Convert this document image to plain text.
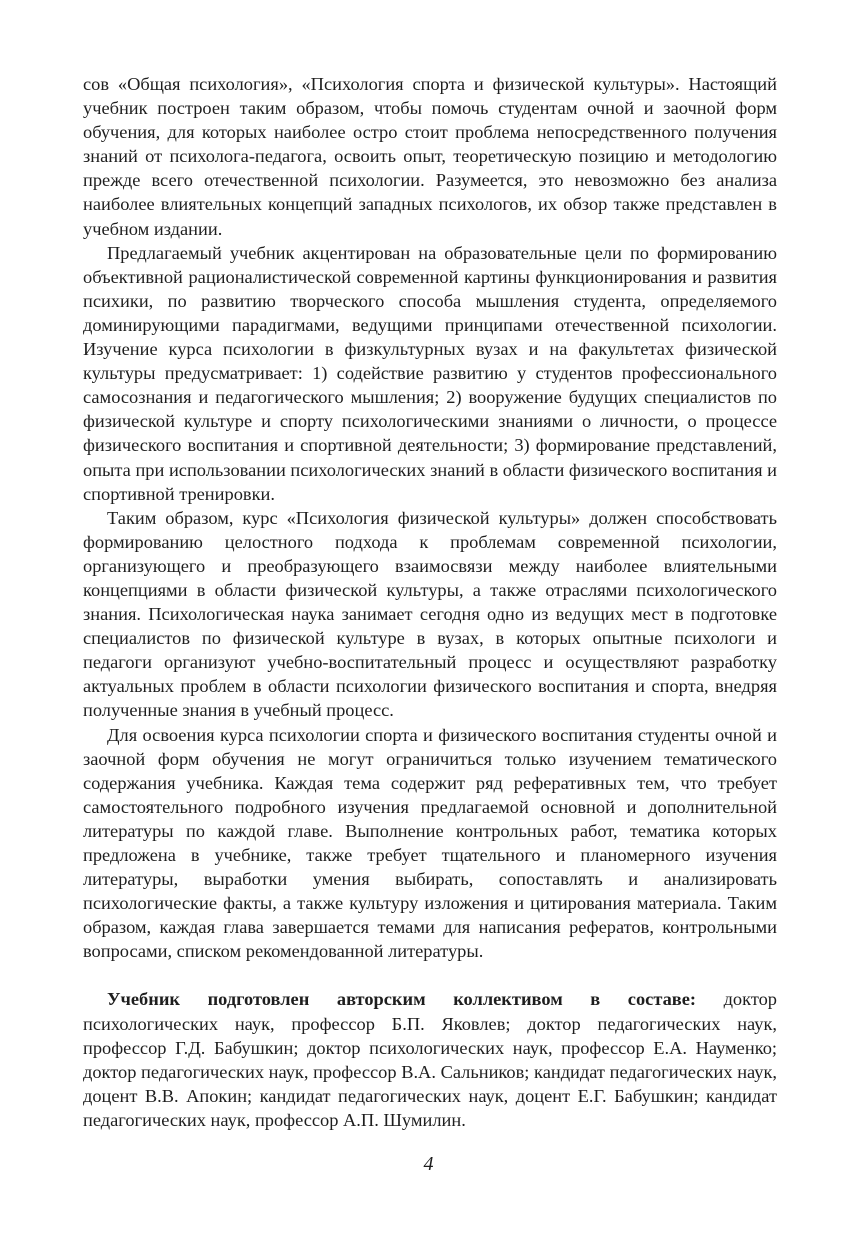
сов «Общая психология», «Психология спорта и физической культуры». Настоящий учебник построен таким образом, чтобы помочь студентам очной и заочной форм обучения, для которых наиболее остро стоит проблема непосредственного получения знаний от психолога-педагога, освоить опыт, теоретическую позицию и методологию прежде всего отечественной психологии. Разумеется, это невозможно без анализа наиболее влиятельных концепций западных психологов, их обзор также представлен в учебном издании.

Предлагаемый учебник акцентирован на образовательные цели по формированию объективной рационалистической современной картины функционирования и развития психики, по развитию творческого способа мышления студента, определяемого доминирующими парадигмами, ведущими принципами отечественной психологии. Изучение курса психологии в физкультурных вузах и на факультетах физической культуры предусматривает: 1) содействие развитию у студентов профессионального самосознания и педагогического мышления; 2) вооружение будущих специалистов по физической культуре и спорту психологическими знаниями о личности, о процессе физического воспитания и спортивной деятельности; 3) формирование представлений, опыта при использовании психологических знаний в области физического воспитания и спортивной тренировки.

Таким образом, курс «Психология физической культуры» должен способствовать формированию целостного подхода к проблемам современной психологии, организующего и преобразующего взаимосвязи между наиболее влиятельными концепциями в области физической культуры, а также отраслями психологического знания. Психологическая наука занимает сегодня одно из ведущих мест в подготовке специалистов по физической культуре в вузах, в которых опытные психологи и педагоги организуют учебно-воспитательный процесс и осуществляют разработку актуальных проблем в области психологии физического воспитания и спорта, внедряя полученные знания в учебный процесс.

Для освоения курса психологии спорта и физического воспитания студенты очной и заочной форм обучения не могут ограничиться только изучением тематического содержания учебника. Каждая тема содержит ряд реферативных тем, что требует самостоятельного подробного изучения предлагаемой основной и дополнительной литературы по каждой главе. Выполнение контрольных работ, тематика которых предложена в учебнике, также требует тщательного и планомерного изучения литературы, выработки умения выбирать, сопоставлять и анализировать психологические факты, а также культуру изложения и цитирования материала. Таким образом, каждая глава завершается темами для написания рефератов, контрольными вопросами, списком рекомендованной литературы.

Учебник подготовлен авторским коллективом в составе: доктор психологических наук, профессор Б.П. Яковлев; доктор педагогических наук, профессор Г.Д. Бабушкин; доктор психологических наук, профессор Е.А. Науменко; доктор педагогических наук, профессор В.А. Сальников; кандидат педагогических наук, доцент В.В. Апокин; кандидат педагогических наук, доцент Е.Г. Бабушкин; кандидат педагогических наук, профессор А.П. Шумилин.

4
